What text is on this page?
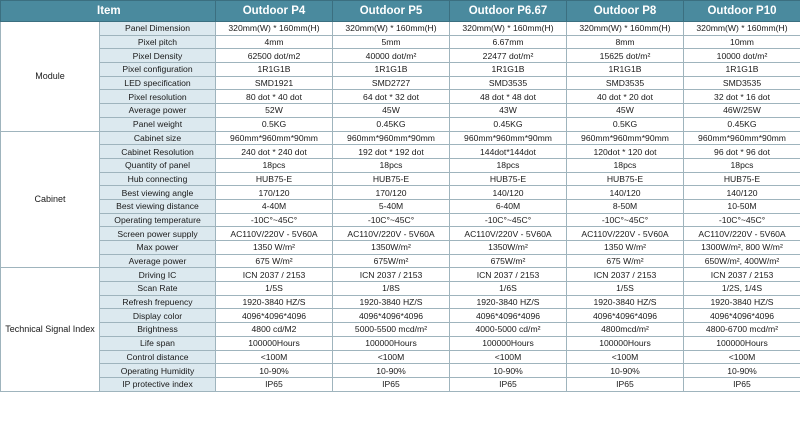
Item		Outdoor P4	Outdoor P5	Outdoor P6.67	Outdoor P8	Outdoor P10
Module	Panel Dimension	320mm(W) * 160mm(H)	320mm(W) * 160mm(H)	320mm(W) * 160mm(H)	320mm(W) * 160mm(H)	320mm(W) * 160mm(H)
	Pixel pitch	4mm	5mm	6.67mm	8mm	10mm
	Pixel Density	62500 dot/m2	40000 dot/m²	22477 dot/m²	15625 dot/m²	10000 dot/m²
	Pixel configuration	1R1G1B	1R1G1B	1R1G1B	1R1G1B	1R1G1B
	LED specification	SMD1921	SMD2727	SMD3535	SMD3535	SMD3535
	Pixel resolution	80 dot * 40 dot	64 dot * 32 dot	48 dot * 48 dot	40 dot * 20 dot	32 dot * 16 dot
	Average power	52W	45W	43W	45W	46W/25W
	Panel weight	0.5KG	0.45KG	0.45KG	0.5KG	0.45KG
Cabinet	Cabinet size	960mm*960mm*90mm	960mm*960mm*90mm	960mm*960mm*90mm	960mm*960mm*90mm	960mm*960mm*90mm
	Cabinet Resolution	240 dot * 240 dot	192 dot * 192 dot	144dot*144dot	120dot * 120 dot	96 dot * 96 dot
	Quantity of panel	18pcs	18pcs	18pcs	18pcs	18pcs
	Hub connecting	HUB75-E	HUB75-E	HUB75-E	HUB75-E	HUB75-E
	Best viewing angle	170/120	170/120	140/120	140/120	140/120
	Best viewing distance	4-40M	5-40M	6-40M	8-50M	10-50M
	Operating temperature	-10C°~45C°	-10C°~45C°	-10C°~45C°	-10C°~45C°	-10C°~45C°
	Screen power supply	AC110V/220V - 5V60A	AC110V/220V - 5V60A	AC110V/220V - 5V60A	AC110V/220V - 5V60A	AC110V/220V - 5V60A
	Max power	1350 W/m²	1350W/m²	1350W/m²	1350 W/m²	1300W/m², 800 W/m²
	Average power	675 W/m²	675W/m²	675W/m²	675 W/m²	650W/m², 400W/m²
Technical Signal Index	Driving IC	ICN 2037 / 2153	ICN 2037 / 2153	ICN 2037 / 2153	ICN 2037 / 2153	ICN 2037 / 2153
	Scan Rate	1/5S	1/8S	1/6S	1/5S	1/2S, 1/4S
	Refresh frepuency	1920-3840 HZ/S	1920-3840 HZ/S	1920-3840 HZ/S	1920-3840 HZ/S	1920-3840 HZ/S
	Display color	4096*4096*4096	4096*4096*4096	4096*4096*4096	4096*4096*4096	4096*4096*4096
	Brightness	4800 cd/M2	5000-5500 mcd/m²	4000-5000 cd/m²	4800mcd/m²	4800-6700 mcd/m²
	Life span	100000Hours	100000Hours	100000Hours	100000Hours	100000Hours
	Control distance	<100M	<100M	<100M	<100M	<100M
	Operating Humidity	10-90%	10-90%	10-90%	10-90%	10-90%
	IP protective index	IP65	IP65	IP65	IP65	IP65
